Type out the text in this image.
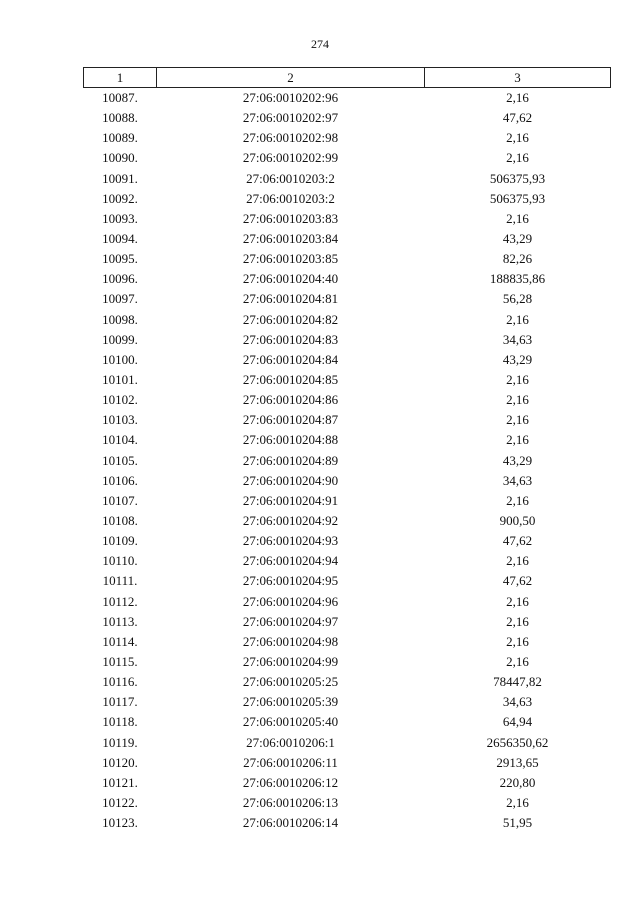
274
1	2	3
10087.	27:06:0010202:96	2,16
10088.	27:06:0010202:97	47,62
10089.	27:06:0010202:98	2,16
10090.	27:06:0010202:99	2,16
10091.	27:06:0010203:2	506375,93
10092.	27:06:0010203:2	506375,93
10093.	27:06:0010203:83	2,16
10094.	27:06:0010203:84	43,29
10095.	27:06:0010203:85	82,26
10096.	27:06:0010204:40	188835,86
10097.	27:06:0010204:81	56,28
10098.	27:06:0010204:82	2,16
10099.	27:06:0010204:83	34,63
10100.	27:06:0010204:84	43,29
10101.	27:06:0010204:85	2,16
10102.	27:06:0010204:86	2,16
10103.	27:06:0010204:87	2,16
10104.	27:06:0010204:88	2,16
10105.	27:06:0010204:89	43,29
10106.	27:06:0010204:90	34,63
10107.	27:06:0010204:91	2,16
10108.	27:06:0010204:92	900,50
10109.	27:06:0010204:93	47,62
10110.	27:06:0010204:94	2,16
10111.	27:06:0010204:95	47,62
10112.	27:06:0010204:96	2,16
10113.	27:06:0010204:97	2,16
10114.	27:06:0010204:98	2,16
10115.	27:06:0010204:99	2,16
10116.	27:06:0010205:25	78447,82
10117.	27:06:0010205:39	34,63
10118.	27:06:0010205:40	64,94
10119.	27:06:0010206:1	2656350,62
10120.	27:06:0010206:11	2913,65
10121.	27:06:0010206:12	220,80
10122.	27:06:0010206:13	2,16
10123.	27:06:0010206:14	51,95
